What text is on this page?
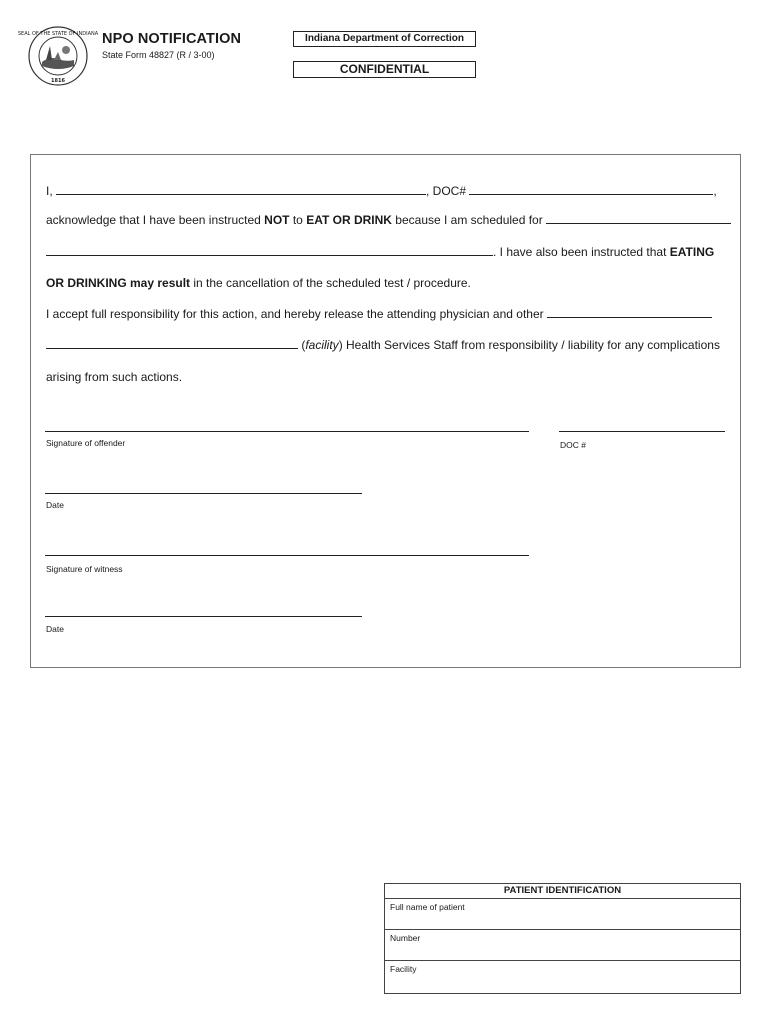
SEAL OF THE STATE OF INDIANA
1816
NPO NOTIFICATION
State Form 48827 (R / 3-00)
Indiana Department of Correction
CONFIDENTIAL
I,	, DOC#	,
acknowledge that I have been instructed NOT to EAT OR DRINK because I am scheduled for
. I have also been instructed that EATING
OR DRINKING may result in the cancellation of the scheduled test / procedure.
I accept full responsibility for this action, and hereby release the attending physician and other
(facility) Health Services Staff from responsibility / liability for any complications
arising from such actions.
Signature of offender	DOC #
Date
Signature of witness
Date
PATIENT IDENTIFICATION
Full name of patient
Number
Facility
